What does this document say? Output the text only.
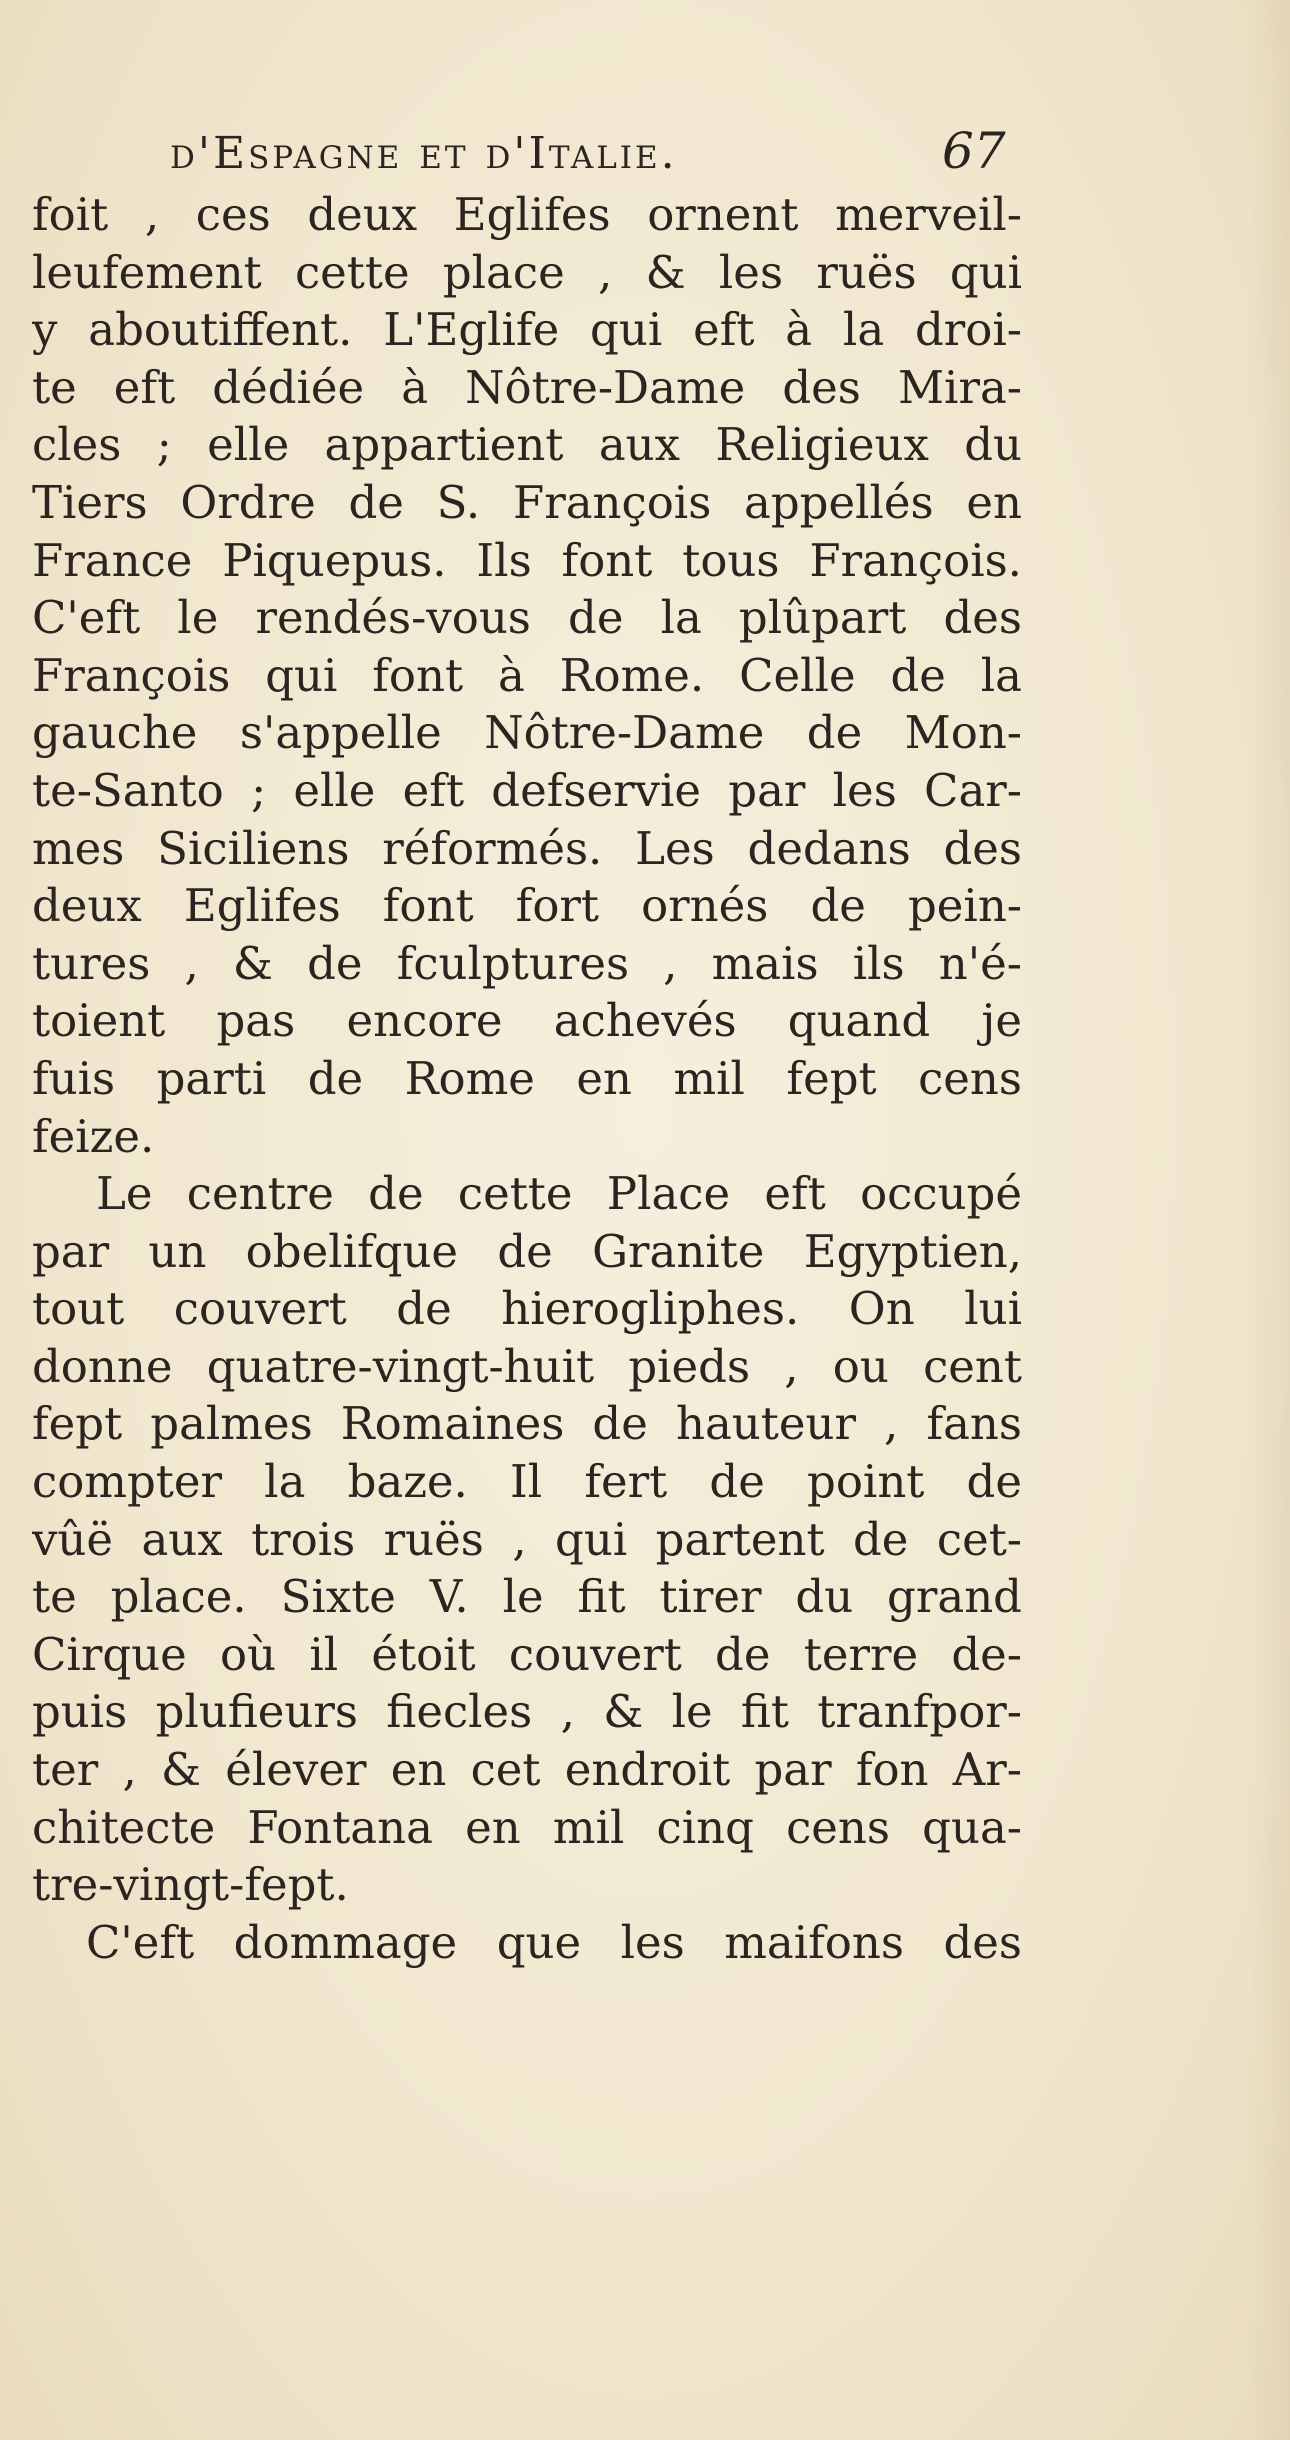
d'Espagne et d'Italie.	67
foit , ces deux Eglifes ornent merveil-
leufement cette place , & les ruës qui
y aboutiffent. L'Eglife qui eft à la droi-
te eft dédiée à Nôtre-Dame des Mira-
cles ; elle appartient aux Religieux du
Tiers Ordre de S. François appellés en
France Piquepus. Ils font tous François.
C'eft le rendés-vous de la plûpart des
François qui font à Rome. Celle de la
gauche s'appelle Nôtre-Dame de Mon-
te-Santo ; elle eft defservie par les Car-
mes Siciliens réformés. Les dedans des
deux Eglifes font fort ornés de pein-
tures , & de fculptures , mais ils n'é-
toient pas encore achevés quand je
fuis parti de Rome en mil fept cens
feize.
Le centre de cette Place eft occupé
par un obelifque de Granite Egyptien,
tout couvert de hierogliphes. On lui
donne quatre-vingt-huit pieds , ou cent
fept palmes Romaines de hauteur , fans
compter la baze. Il fert de point de
vûë aux trois ruës , qui partent de cet-
te place. Sixte V. le fit tirer du grand
Cirque où il étoit couvert de terre de-
puis plufieurs fiecles , & le fit tranfpor-
ter , & élever en cet endroit par fon Ar-
chitecte Fontana en mil cinq cens qua-
tre-vingt-fept.
C'eft dommage que les maifons des
